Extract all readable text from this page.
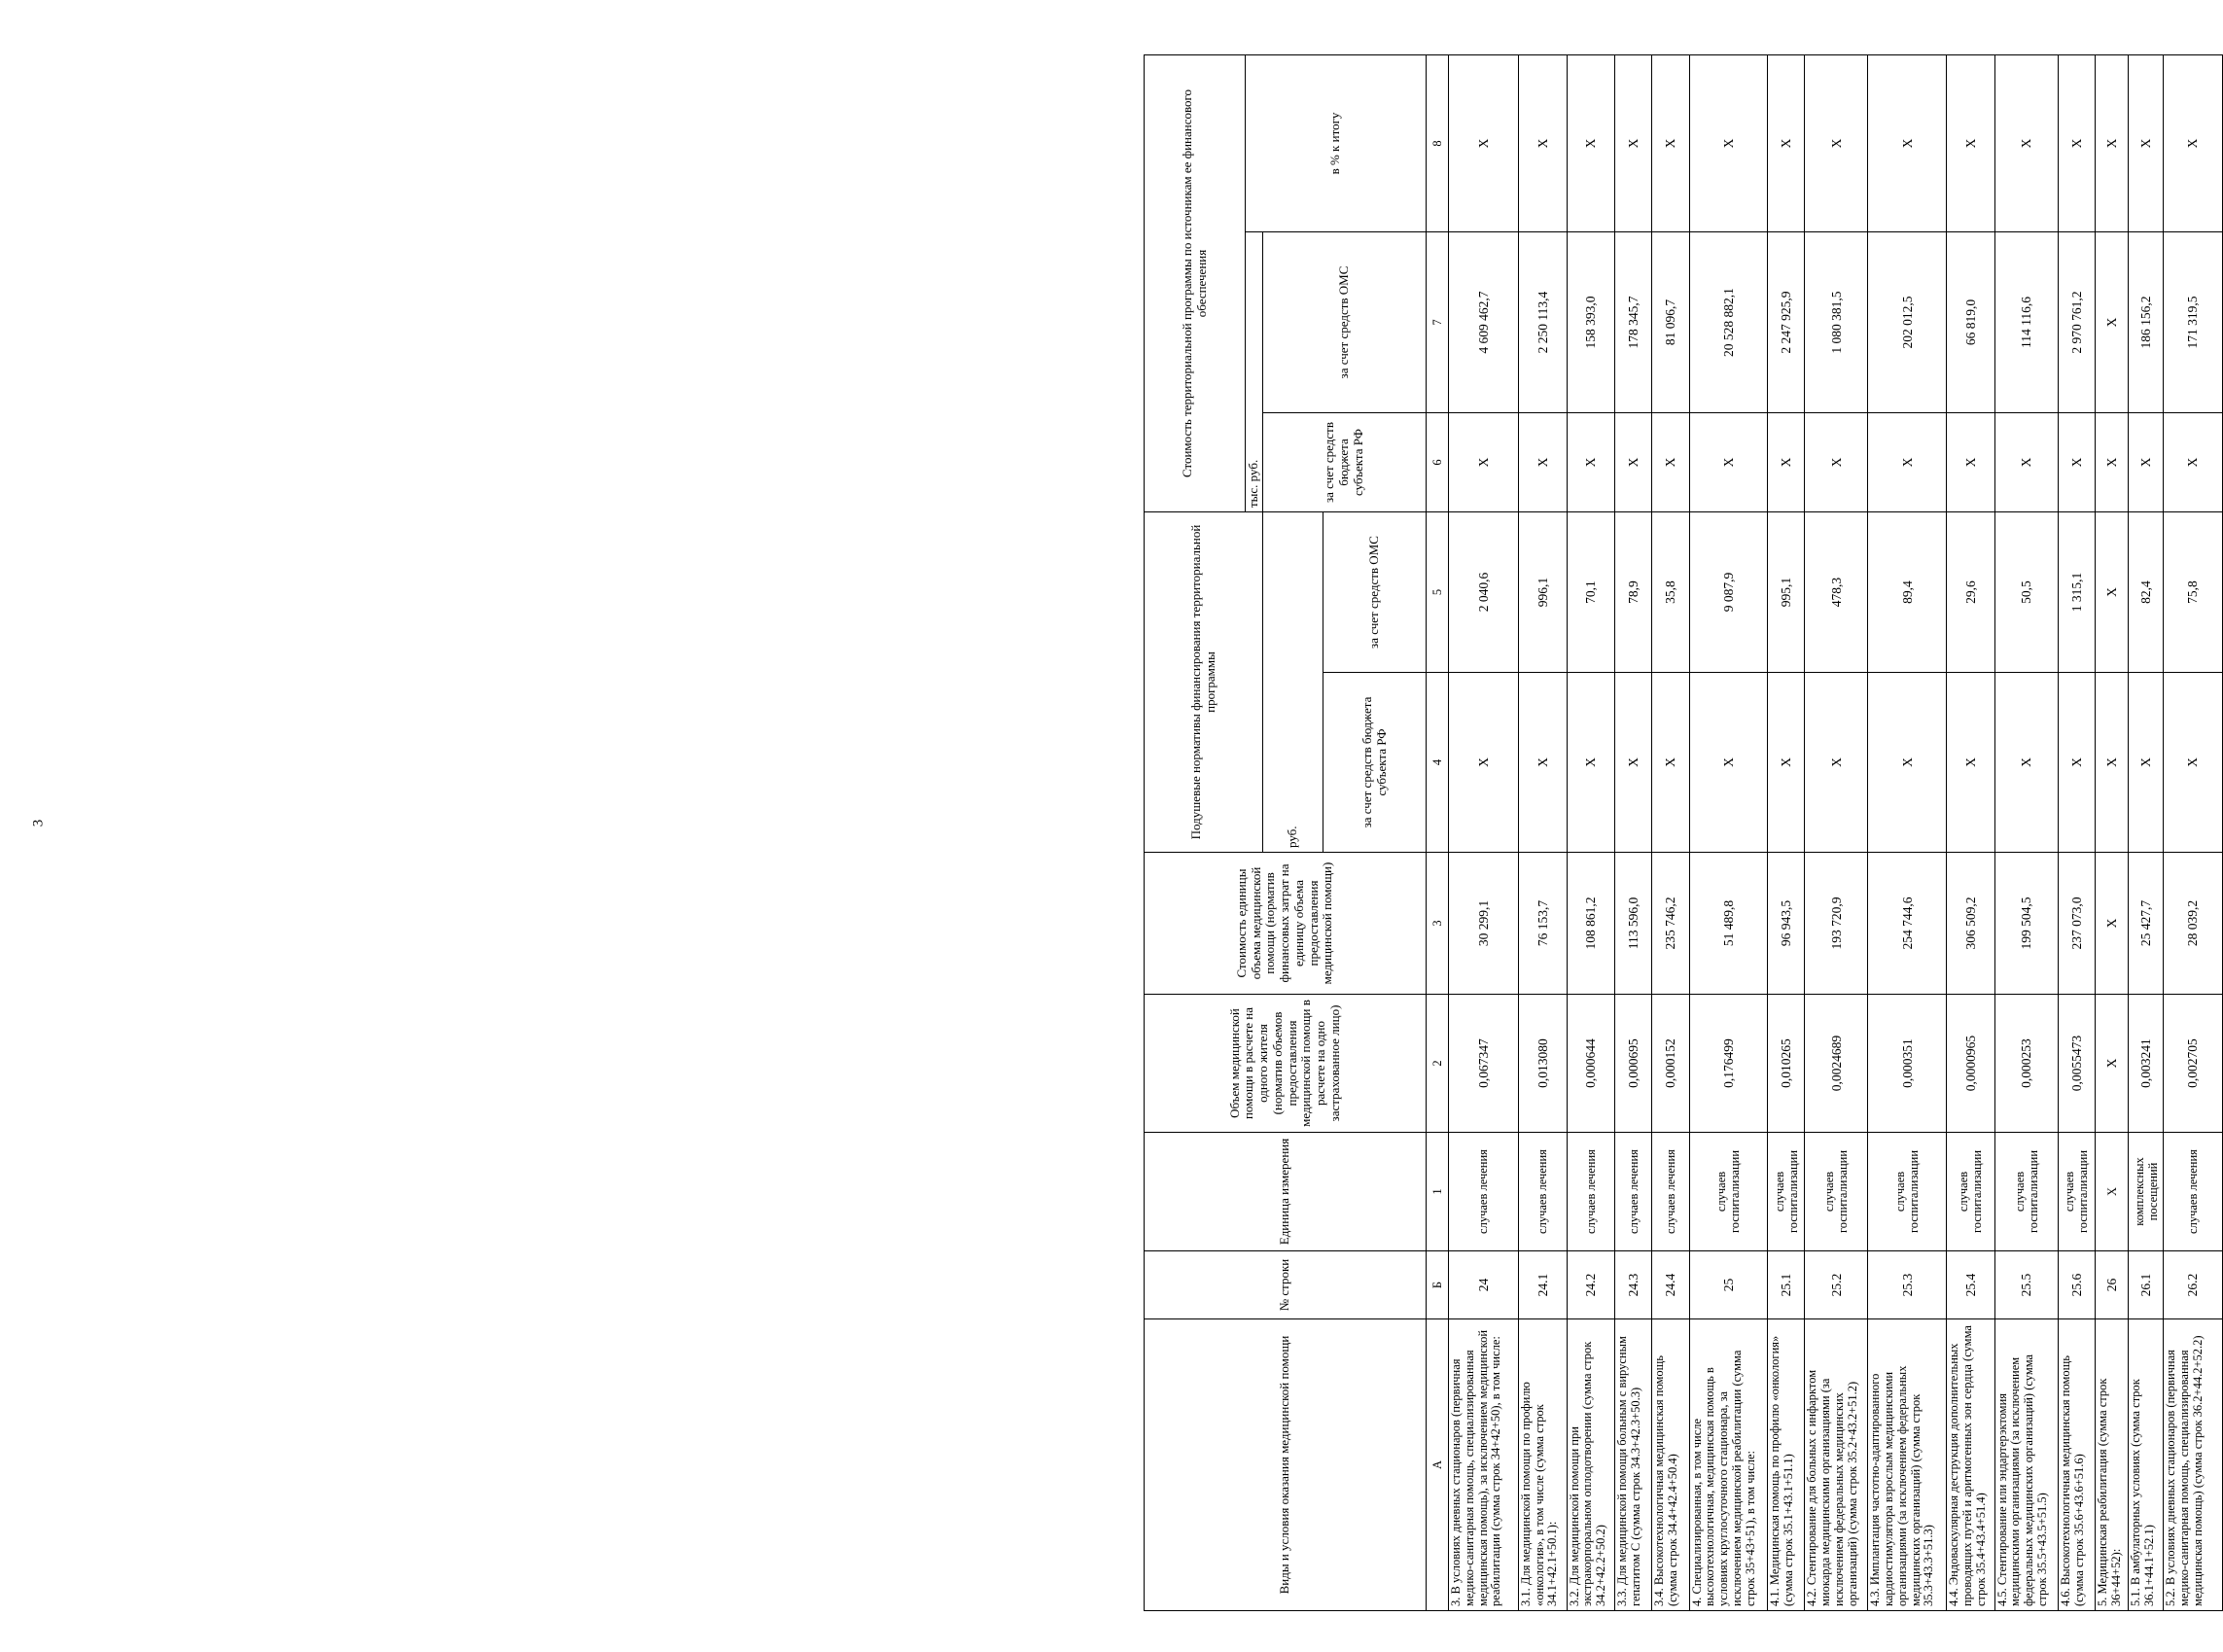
3
Виды и условия оказания медицинской помощи	№ строки	Единица измерения	Объем медицинской помощи в расчете на одного жителя (норматив объемов предоставления медицинской помощи в расчете на одно застрахованное лицо)	Стоимость единицы объема медицинской помощи (норматив финансовых затрат на единицу объема предоставления медицинской помощи)	Подушевые нормативы финансирования территориальной программы		Стоимость территориальной программы по источникам ее финансового обеспечения		
							тыс. руб.		в % к итогу
					руб.		за счет средств бюджета субъекта РФ	за счет средств ОМС	
					за счет средств бюджета субъекта РФ	за счет средств ОМС			
А	Б	1	2	3	4	5	6	7	8
3. В условиях дневных стационаров (первичная медико-санитарная помощь, специализированная медицинская помощь), за исключением медицинской реабилитации (сумма строк 34+42+50), в том числе:	24	случаев лечения	0,067347	30 299,1	X	2 040,6	X	4 609 462,7	X
3.1. Для медицинской помощи по профилю «онкология», в том числе (сумма строк 34.1+42.1+50.1):	24.1	случаев лечения	0,013080	76 153,7	X	996,1	X	2 250 113,4	X
3.2. Для медицинской помощи при экстракорпоральном оплодотворении (сумма строк 34.2+42.2+50.2)	24.2	случаев лечения	0,000644	108 861,2	X	70,1	X	158 393,0	X
3.3. Для медицинской помощи больным с вирусным гепатитом С (сумма строк 34.3+42.3+50.3)	24.3	случаев лечения	0,000695	113 596,0	X	78,9	X	178 345,7	X
3.4. Высокотехнологичная медицинская помощь (сумма строк 34.4+42.4+50.4)	24.4	случаев лечения	0,000152	235 746,2	X	35,8	X	81 096,7	X
4. Специализированная, в том числе высокотехнологичная, медицинская помощь в условиях круглосуточного стационара, за исключением медицинской реабилитации (сумма строк 35+43+51), в том числе:	25	случаев госпитализации	0,176499	51 489,8	X	9 087,9	X	20 528 882,1	X
4.1. Медицинская помощь по профилю «онкология» (сумма строк 35.1+43.1+51.1)	25.1	случаев госпитализации	0,010265	96 943,5	X	995,1	X	2 247 925,9	X
4.2. Стентирование для больных с инфарктом миокарда медицинскими организациями (за исключением федеральных медицинских организаций) (сумма строк 35.2+43.2+51.2)	25.2	случаев госпитализации	0,0024689	193 720,9	X	478,3	X	1 080 381,5	X
4.3. Имплантация частотно-адаптированного кардиостимулятора взрослым медицинскими организациями (за исключением федеральных медицинских организаций) (сумма строк 35.3+43.3+51.3)	25.3	случаев госпитализации	0,000351	254 744,6	X	89,4	X	202 012,5	X
4.4. Эндоваскулярная деструкция дополнительных проводящих путей и аритмогенных зон сердца (сумма строк 35.4+43.4+51.4)	25.4	случаев госпитализации	0,0000965	306 509,2	X	29,6	X	66 819,0	X
4.5. Стентирование или эндартерэктомия медицинскими организациями (за исключением федеральных медицинских организаций) (сумма строк 35.5+43.5+51.5)	25.5	случаев госпитализации	0,000253	199 504,5	X	50,5	X	114 116,6	X
4.6. Высокотехнологичная медицинская помощь (сумма строк 35.6+43.6+51.6)	25.6	случаев госпитализации	0,0055473	237 073,0	X	1 315,1	X	2 970 761,2	X
5. Медицинская реабилитация (сумма строк 36+44+52):	26	X	X	X	X	X	X	X	X
5.1. В амбулаторных условиях (сумма строк 36.1+44.1+52.1)	26.1	комплексных посещений	0,003241	25 427,7	X	82,4	X	186 156,2	X
5.2. В условиях дневных стационаров (первичная медико-санитарная помощь, специализированная медицинская помощь) (сумма строк 36.2+44.2+52.2)	26.2	случаев лечения	0,002705	28 039,2	X	75,8	X	171 319,5	X
